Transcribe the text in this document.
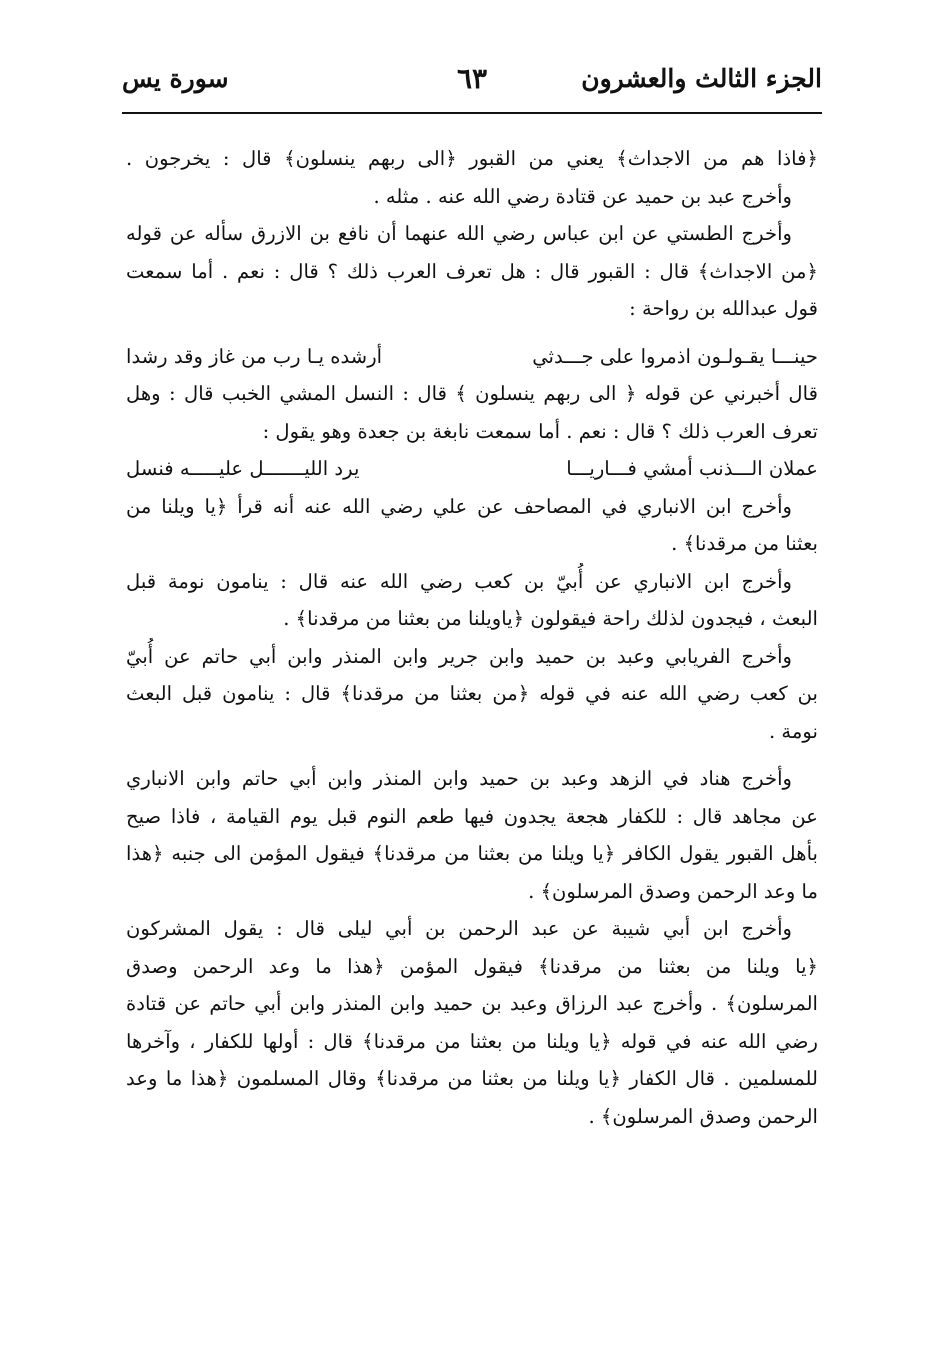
الجزء الثالث والعشرون
٦٣
سورة يس
﴿فاذا هم من الاجداث﴾ يعني من القبور ﴿الى ربهم ينسلون﴾ قال : يخرجون .
وأخرج عبد بن حميد عن قتادة رضي الله عنه . مثله .
وأخرج الطستي عن ابن عباس رضي الله عنهما أن نافع بن الازرق سأله عن قوله
﴿من الاجداث﴾ قال : القبور قال : هل تعرف العرب ذلك ؟ قال : نعم . أما سمعت
قول عبدالله بن رواحة :
حينـــا يقـولـون اذمروا على جـــدثي
أرشده يـا رب من غاز وقد رشدا
قال أخبرني عن قوله ﴿ الى ربهم ينسلون ﴾ قال : النسل المشي الخبب قال : وهل
تعرف العرب ذلك ؟ قال : نعم . أما سمعت نابغة بن جعدة وهو يقول :
عملان الـــذنب أمشي فـــاريـــا
يرد الليـــــــل عليـــــه فنسل
وأخرج ابن الانباري في المصاحف عن علي رضي الله عنه أنه قرأ ﴿يا ويلنا من
بعثنا من مرقدنا﴾ .
وأخرج ابن الانباري عن أُبيّ بن كعب رضي الله عنه قال : ينامون نومة قبل
البعث ، فيجدون لذلك راحة فيقولون ﴿ياويلنا من بعثنا من مرقدنا﴾ .
وأخرج الفريابي وعبد بن حميد وابن جرير وابن المنذر وابن أبي حاتم عن أُبيّ
بن كعب رضي الله عنه في قوله ﴿من بعثنا من مرقدنا﴾ قال : ينامون قبل البعث
نومة .
وأخرج هناد في الزهد وعبد بن حميد وابن المنذر وابن أبي حاتم وابن الانباري
عن مجاهد قال : للكفار هجعة يجدون فيها طعم النوم قبل يوم القيامة ، فاذا صيح
بأهل القبور يقول الكافر ﴿يا ويلنا من بعثنا من مرقدنا﴾ فيقول المؤمن الى جنبه ﴿هذا
ما وعد الرحمن وصدق المرسلون﴾ .
وأخرج ابن أبي شيبة عن عبد الرحمن بن أبي ليلى قال : يقول المشركون
﴿يا ويلنا من بعثنا من مرقدنا﴾ فيقول المؤمن ﴿هذا ما وعد الرحمن وصدق
المرسلون﴾ . وأخرج عبد الرزاق وعبد بن حميد وابن المنذر وابن أبي حاتم عن قتادة
رضي الله عنه في قوله ﴿يا ويلنا من بعثنا من مرقدنا﴾ قال : أولها للكفار ، وآخرها
للمسلمين . قال الكفار ﴿يا ويلنا من بعثنا من مرقدنا﴾ وقال المسلمون ﴿هذا ما وعد
الرحمن وصدق المرسلون﴾ .
